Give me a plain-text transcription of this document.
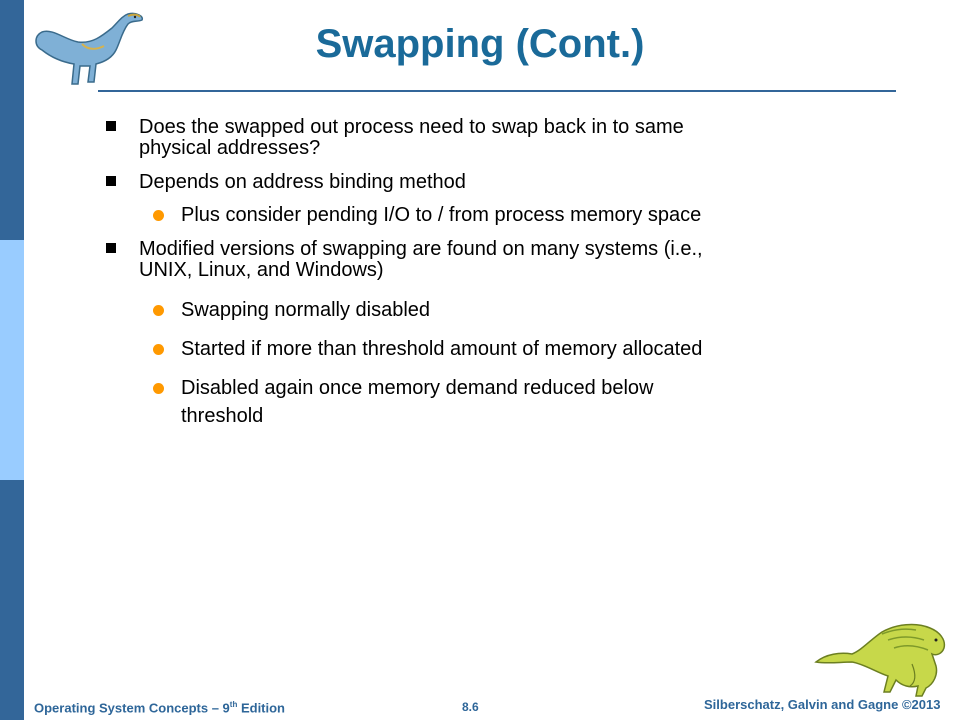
Swapping (Cont.)
Does the swapped out process need to swap back in to same
physical addresses?
Depends on address binding method
Plus consider pending I/O to / from process memory space
Modified versions of swapping are found on many systems (i.e.,
UNIX, Linux, and Windows)
Swapping normally disabled
Started if more than threshold amount of memory allocated
Disabled again once memory demand reduced below
threshold
Operating System Concepts – 9th Edition	8.6	Silberschatz, Galvin and Gagne ©2013
